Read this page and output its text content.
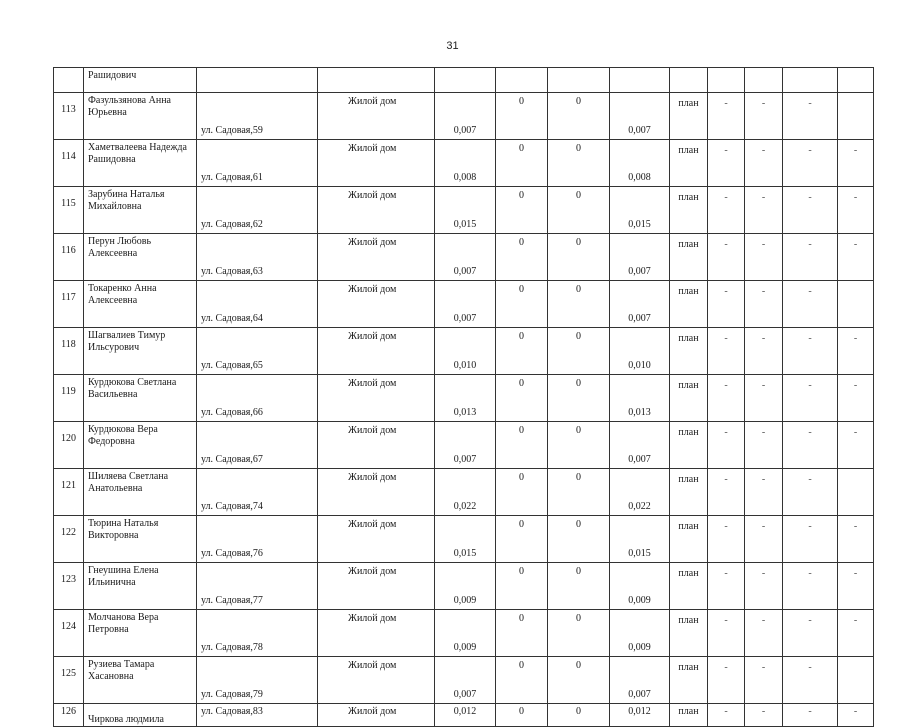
31
	Рашидович											
113	Фазульзянова Анна Юрьевна	ул. Садовая,59	Жилой дом	0,007	0	0	0,007	план	-	-	-	
114	Хаметвалеева Надежда Рашидовна	ул. Садовая,61	Жилой дом	0,008	0	0	0,008	план	-	-	-	-
115	Зарубина Наталья Михайловна	ул. Садовая,62	Жилой дом	0,015	0	0	0,015	план	-	-	-	-
116	Перун Любовь Алексеевна	ул. Садовая,63	Жилой дом	0,007	0	0	0,007	план	-	-	-	-
117	Токаренко Анна Алексеевна	ул. Садовая,64	Жилой дом	0,007	0	0	0,007	план	-	-	-	
118	Шагвалиев Тимур Ильсурович	ул. Садовая,65	Жилой дом	0,010	0	0	0,010	план	-	-	-	-
119	Курдюкова Светлана Васильевна	ул. Садовая,66	Жилой дом	0,013	0	0	0,013	план	-	-	-	-
120	Курдюкова Вера Федоровна	ул. Садовая,67	Жилой дом	0,007	0	0	0,007	план	-	-	-	-
121	Шиляева Светлана Анатольевна	ул. Садовая,74	Жилой дом	0,022	0	0	0,022	план	-	-	-	
122	Тюрина Наталья Викторовна	ул. Садовая,76	Жилой дом	0,015	0	0	0,015	план	-	-	-	-
123	Гнеушина Елена Ильинична	ул. Садовая,77	Жилой дом	0,009	0	0	0,009	план	-	-	-	-
124	Молчанова Вера Петровна	ул. Садовая,78	Жилой дом	0,009	0	0	0,009	план	-	-	-	-
125	Рузиева Тамара Хасановна	ул. Садовая,79	Жилой дом	0,007	0	0	0,007	план	-	-	-	
126	Чиркова людмила	ул. Садовая,83	Жилой дом	0,012	0	0	0,012	план	-	-	-	-
